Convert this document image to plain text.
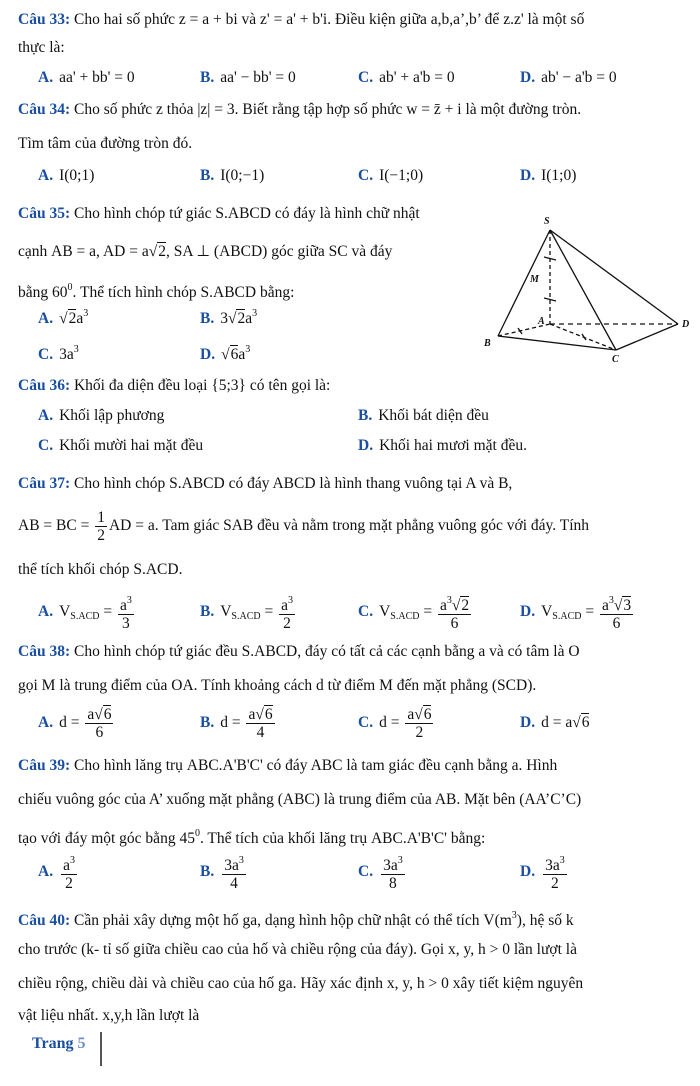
Câu 33: Cho hai số phức z = a + bi và z' = a' + b'i. Điều kiện giữa a,b,a’,b’ để z.z' là một số
thực là:
A. aa' + bb' = 0	B. aa' − bb' = 0	C. ab' + a'b = 0	D. ab' − a'b = 0
Câu 34: Cho số phức z thỏa |z| = 3. Biết rằng tập hợp số phức w = z̄ + i là một đường tròn.
Tìm tâm của đường tròn đó.
A. I(0;1)	B. I(0;−1)	C. I(−1;0)	D. I(1;0)
Câu 35: Cho hình chóp tứ giác S.ABCD có đáy là hình chữ nhật
cạnh AB = a, AD = a√2, SA ⊥ (ABCD) góc giữa SC và đáy
bằng $60^0$. Thể tích hình chóp S.ABCD bằng:
A. $√2a^3$	B. $3√2a^3$
C. $3a^3$	D. $√6a^3$
S
M
A	D
B
C
Câu 36: Khối đa diện đều loại {5;3} có tên gọi là:
A. Khối lập phương	B. Khối bát diện đều
C. Khối mười hai mặt đều	D. Khối hai mươi mặt đều.
Câu 37: Cho hình chóp S.ABCD có đáy ABCD là hình thang vuông tại A và B,
AB = BC = $\frac{1}{2}$ AD = a. Tam giác SAB đều và nằm trong mặt phẳng vuông góc với đáy. Tính
thể tích khối chóp S.ACD.
A. $V_{S.ACD} = \frac{a^3}{3}$	B. $V_{S.ACD} = \frac{a^3}{2}$	C. $V_{S.ACD} = \frac{a^3√2}{6}$	D. $V_{S.ACD} = \frac{a^3√3}{6}$
Câu 38: Cho hình chóp tứ giác đều S.ABCD, đáy có tất cả các cạnh bằng a và có tâm là O
gọi M là trung điểm của OA. Tính khoảng cách d từ điểm M đến mặt phẳng (SCD).
A. $d = \frac{a√6}{6}$	B. $d = \frac{a√6}{4}$	C. $d = \frac{a√6}{2}$	D. d = a√6
Câu 39: Cho hình lăng trụ ABC.A'B'C' có đáy ABC là tam giác đều cạnh bằng a. Hình
chiếu vuông góc của A’ xuống mặt phẳng (ABC) là trung điểm của AB. Mặt bên (AA’C’C)
tạo với đáy một góc bằng $45^0$. Thể tích của khối lăng trụ ABC.A'B'C' bằng:
A. $\frac{a^3}{2}$	B. $\frac{3a^3}{4}$	C. $\frac{3a^3}{8}$	D. $\frac{3a^3}{2}$
Câu 40: Cần phải xây dựng một hố ga, dạng hình hộp chữ nhật có thể tích $V(m^3)$, hệ số k
cho trước (k- tỉ số giữa chiều cao của hố và chiều rộng của đáy). Gọi x, y, h > 0 lần lượt là
chiều rộng, chiều dài và chiều cao của hố ga. Hãy xác định x, y, h > 0 xây tiết kiệm nguyên
vật liệu nhất. x,y,h lần lượt là
Trang 5
